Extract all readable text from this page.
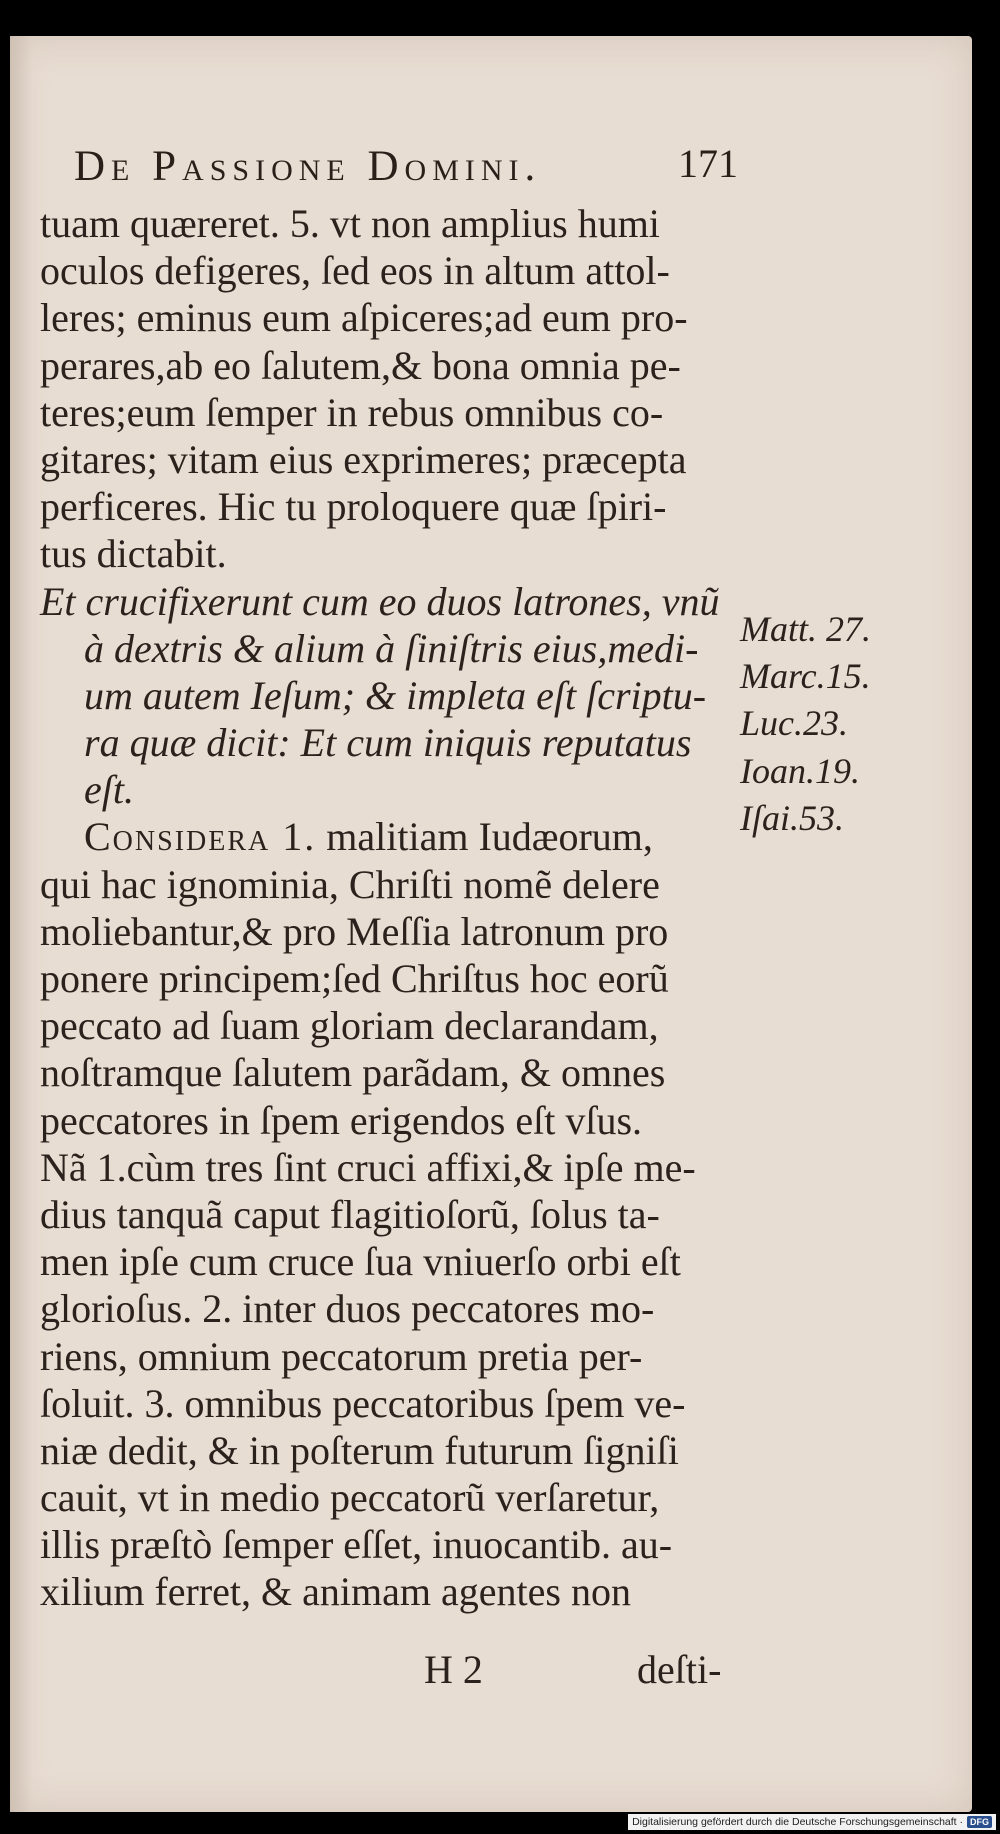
De Passione Domini.	171
tuam quæreret. 5. vt non amplius humi
oculos defigeres, ſed eos in altum attol-
leres; eminus eum aſpiceres;ad eum pro-
perares,ab eo ſalutem,& bona omnia pe-
teres;eum ſemper in rebus omnibus co-
gitares; vitam eius exprimeres; præcepta
perficeres. Hic tu proloquere quæ ſpiri-
tus dictabit.
Et crucifixerunt cum eo duos latrones, vnũ
à dextris & alium à ſiniſtris eius,medi-
um autem Ieſum; & impleta eſt ſcriptu-
ra quæ dicit: Et cum iniquis reputatus
eſt.
Considera 1. malitiam Iudæorum,
qui hac ignominia, Chriſti nomẽ delere
moliebantur,& pro Meſſia latronum pro
ponere principem;ſed Chriſtus hoc eorũ
peccato ad ſuam gloriam declarandam,
noſtramque ſalutem parãdam, & omnes
peccatores in ſpem erigendos eſt vſus.
Nã 1.cùm tres ſint cruci affixi,& ipſe me-
dius tanquã caput flagitioſorũ, ſolus ta-
men ipſe cum cruce ſua vniuerſo orbi eſt
glorioſus. 2. inter duos peccatores mo-
riens, omnium peccatorum pretia per-
ſoluit. 3. omnibus peccatoribus ſpem ve-
niæ dedit, & in poſterum futurum ſigniſi
cauit, vt in medio peccatorũ verſaretur,
illis præſtò ſemper eſſet, inuocantib. au-
xilium ferret, & animam agentes non
Matt. 27.
Marc.15.
Luc.23.
Ioan.19.
Iſai.53.
H 2	deſti-
Digitalisierung gefördert durch die Deutsche Forschungsgemeinschaft · DFG
